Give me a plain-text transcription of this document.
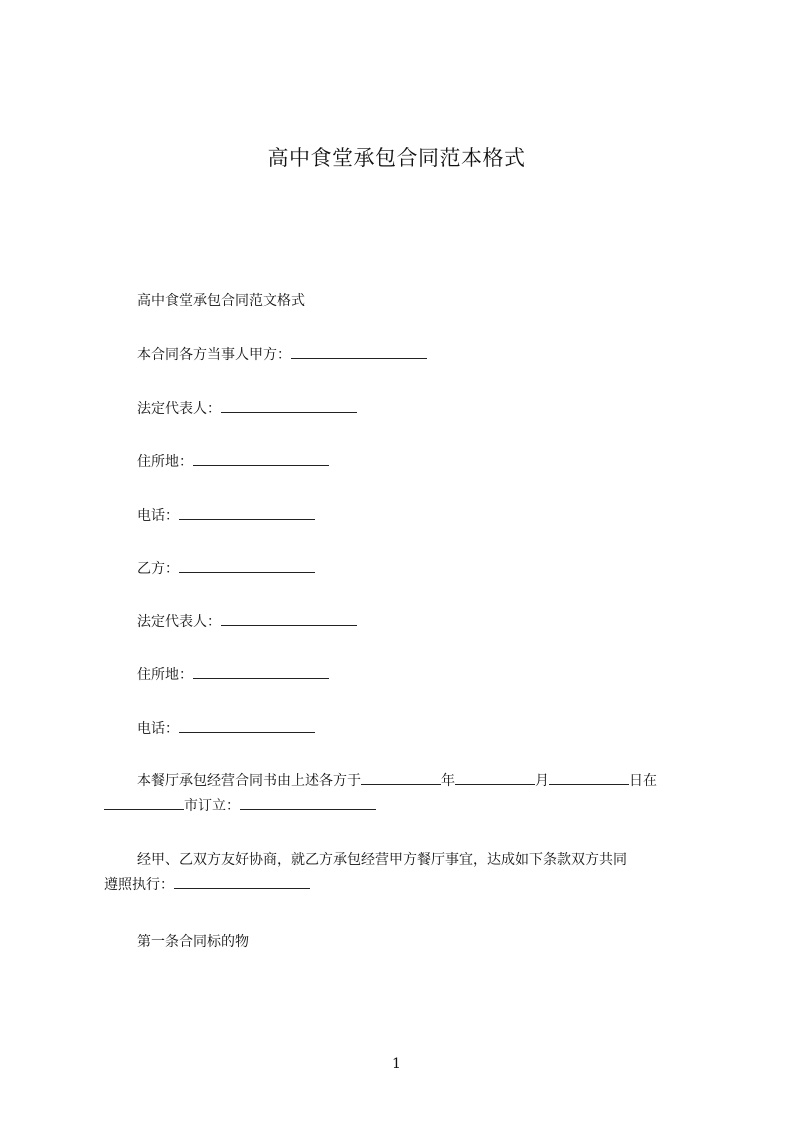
高中食堂承包合同范本格式
高中食堂承包合同范文格式
本合同各方当事人甲方：
法定代表人：
住所地：
电话：
乙方：
法定代表人：
住所地：
电话：
本餐厅承包经营合同书由上述各方于	年	月	日在
市订立：
经甲、乙双方友好协商，就乙方承包经营甲方餐厅事宜，达成如下条款双方共同
遵照执行：
第一条合同标的物
1
